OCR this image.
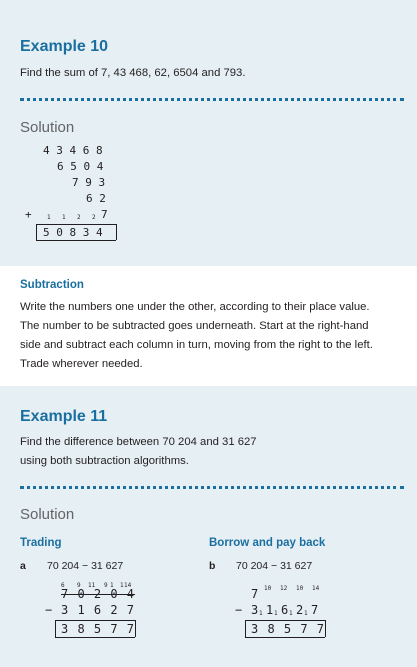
Example 10
Find the sum of 7, 43 468, 62, 6504 and 793.
Solution
4 3 4 6 8
6 5 0 4
7 9 3
6 2
+	1 1 2 2 7
5 0 8 3 4
Subtraction
Write the numbers one under the other, according to their place value.
The number to be subtracted goes underneath. Start at the right-hand
side and subtract each column in turn, moving from the right to the left.
Trade wherever needed.
Example 11
Find the difference between 70 204 and 31 627
using both subtraction algorithms.
Solution
Trading
a 70 204 − 31 627
6 9 11 9 1 1 14
7 0 2 0 4
− 3 1 6 2 7
3 8 5 7 7
Borrow and pay back
b 70 204 − 31 627
7 10 12 10 14
− 3 1 1 1 6 1 2 1 7
3 8 5 7 7
